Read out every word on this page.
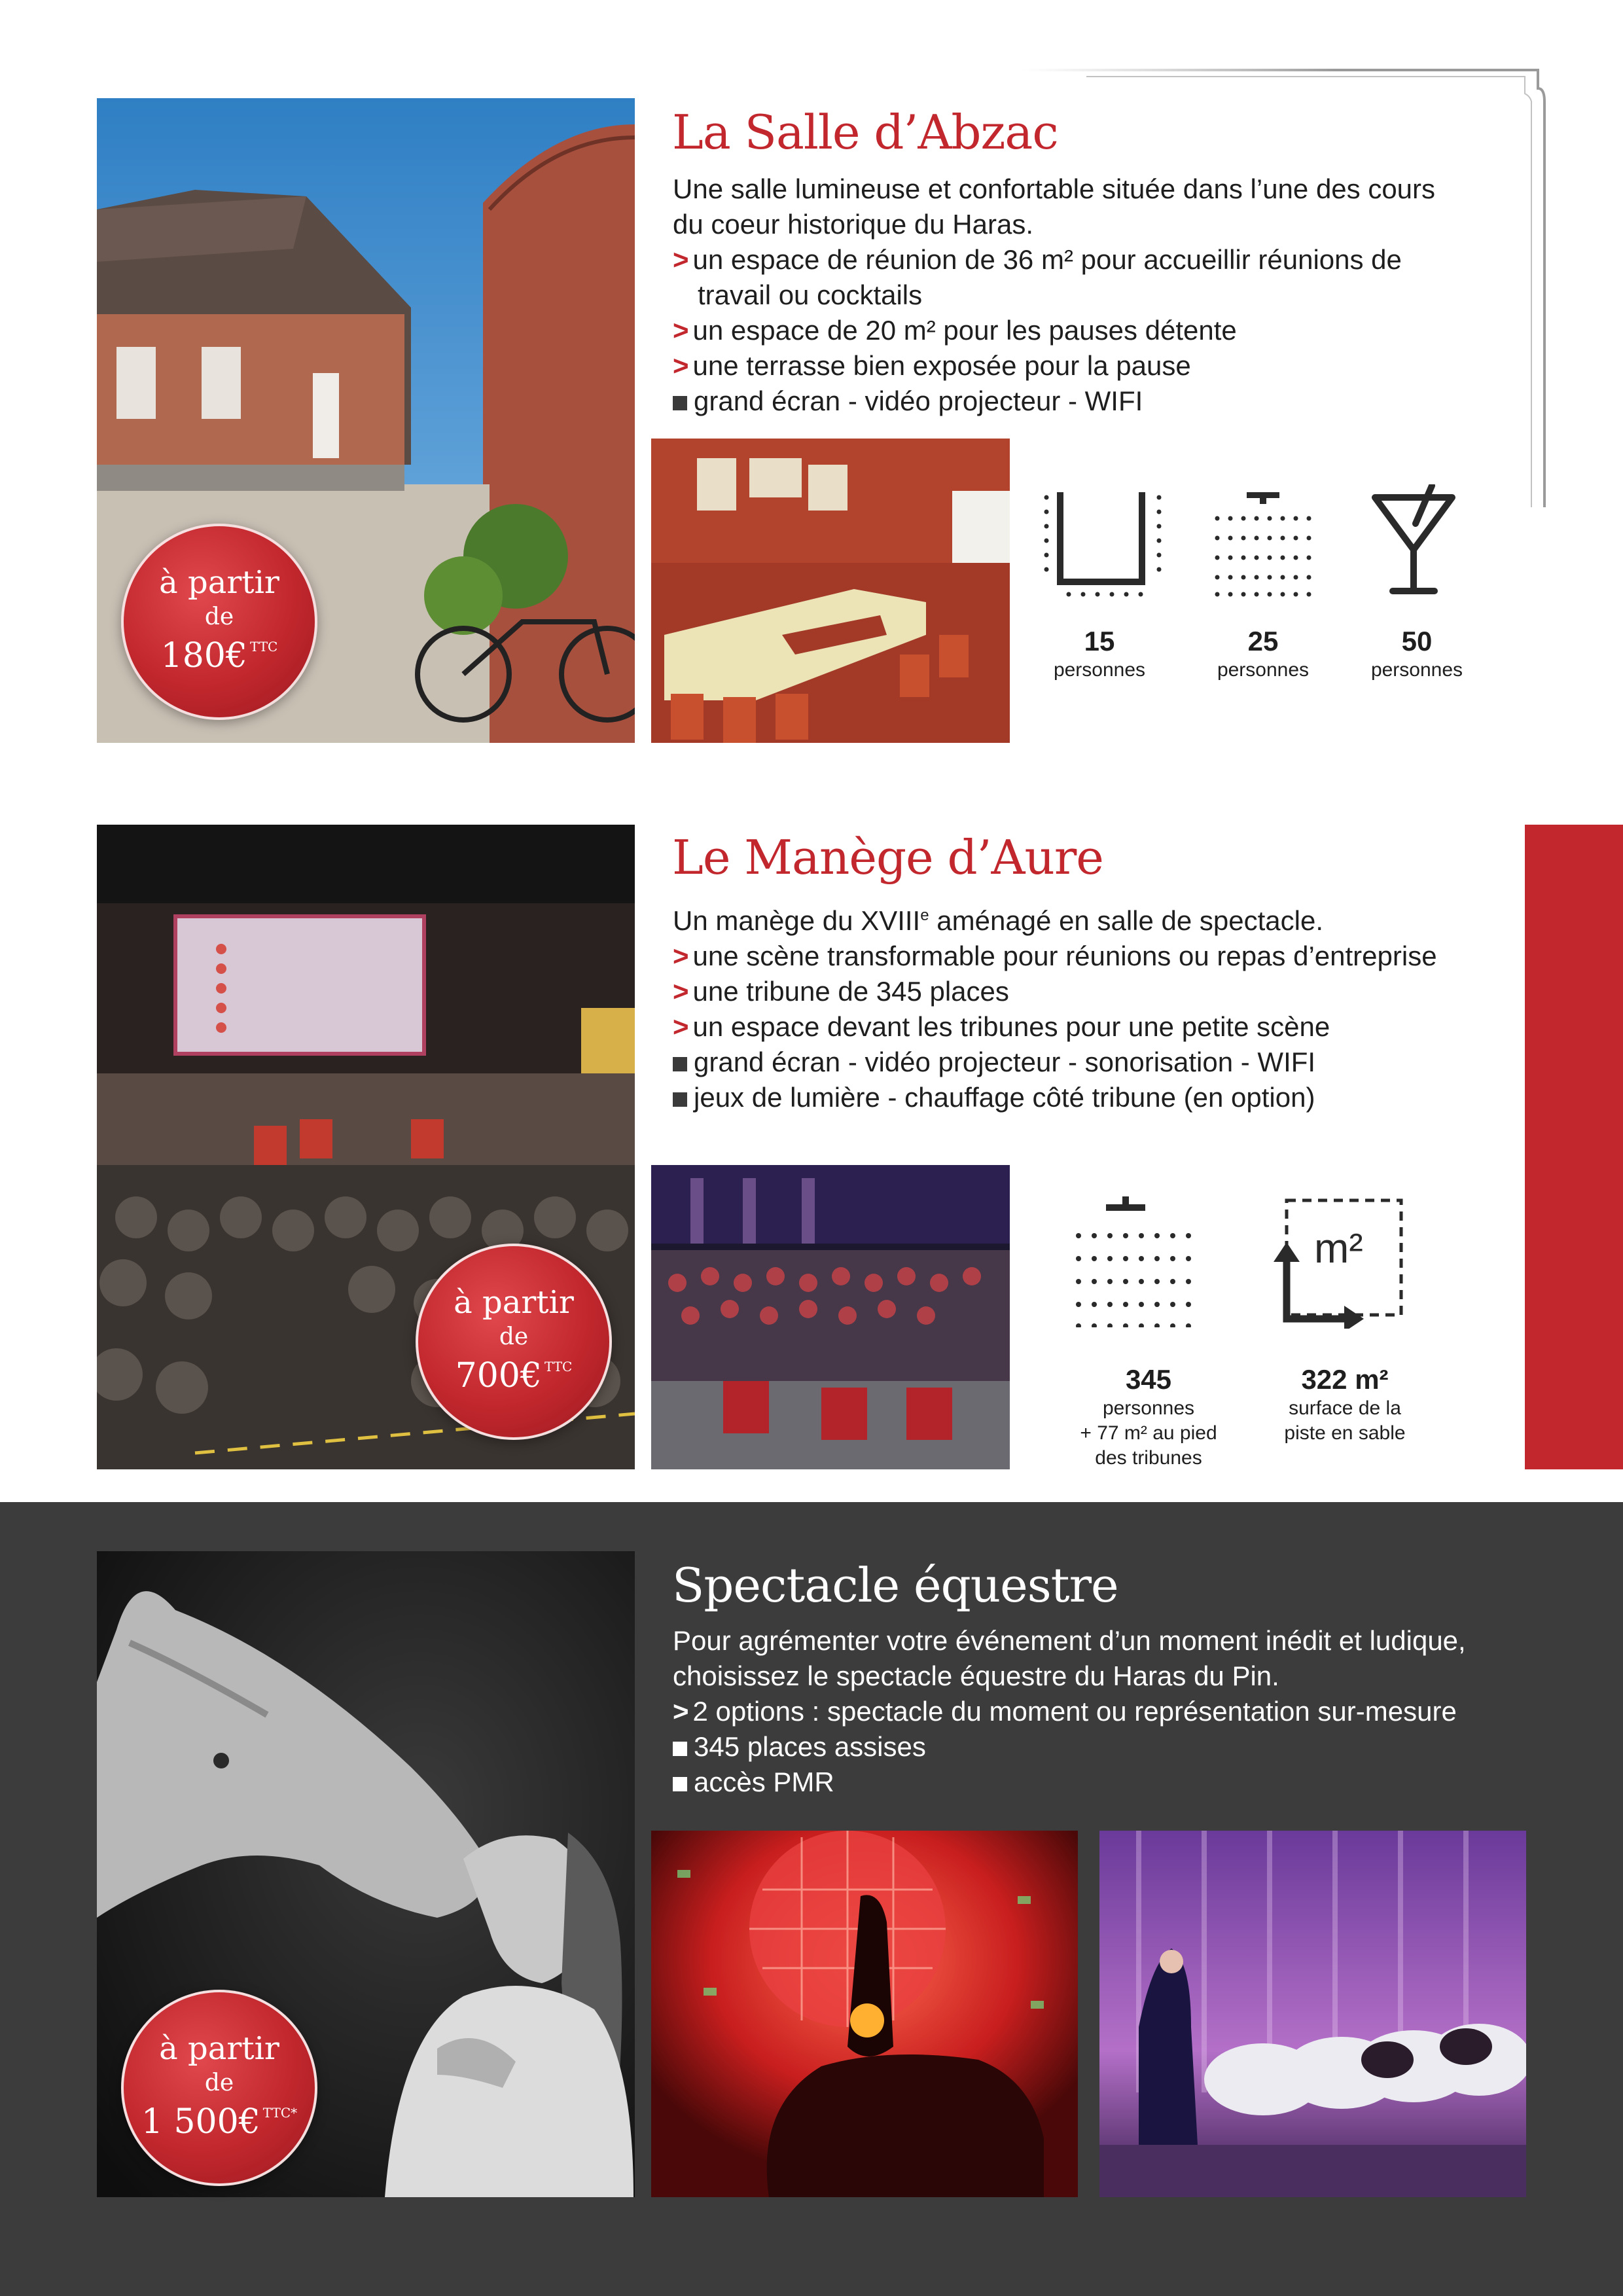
à partir
de
180€ $^{TTC}$
La Salle d’Abzac

Une salle lumineuse et confortable située dans l’une des cours

du coeur historique du Haras.

> un espace de réunion de 36 m² pour accueillir réunions de

travail ou cocktails

> un espace de 20 m² pour les pauses détente

> une terrasse bien exposée pour la pause

grand écran - vidéo projecteur - WIFI

15
personnes
25
personnes
50
personnes
à partir
de
700€ $^{TTC}$
Le Manège d’Aure

Un manège du XVIIIe aménagé en salle de spectacle.

> une scène transformable pour réunions ou repas d’entreprise

> une tribune de 345 places

> un espace devant les tribunes pour une petite scène

grand écran - vidéo projecteur - sonorisation - WIFI

jeux de lumière - chauffage côté tribune (en option)

m²
345
personnes
+ 77 m² au pied
des tribunes
322 m²
surface de la
piste en sable
à partir
de
1 500€ $^{TTC*}$
Spectacle équestre

Pour agrémenter votre événement d’un moment inédit et ludique,

choisissez le spectacle équestre du Haras du Pin.

> 2 options : spectacle du moment ou représentation sur-mesure

345 places assises

accès PMR
